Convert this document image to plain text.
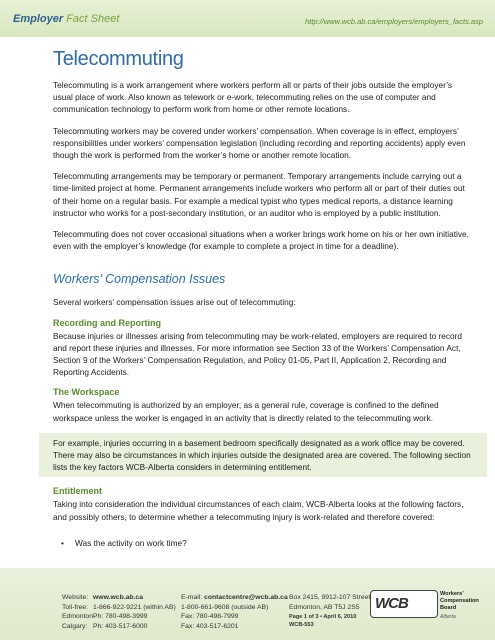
Employer Fact Sheet	http://www.wcb.ab.ca/employers/employers_facts.asp
Telecommuting

Telecommuting is a work arrangement where workers perform all or parts of their jobs outside the employer’s usual place of work. Also known as telework or e-work, telecommuting relies on the use of computer and communication technology to perform work from home or other remote locations.

Telecommuting workers may be covered under workers’ compensation. When coverage is in effect, employers’ responsibilities under workers’ compensation legislation (including recording and reporting accidents) apply even though the work is performed from the worker’s home or another remote location.

Telecommuting arrangements may be temporary or permanent. Temporary arrangements include carrying out a time-limited project at home. Permanent arrangements include workers who perform all or part of their duties out of their home on a regular basis. For example a medical typist who types medical reports, a distance learning instructor who works for a post-secondary institution, or an auditor who is employed by a public institution.

Telecommuting does not cover occasional situations when a worker brings work home on his or her own initiative, even with the employer’s knowledge (for example to complete a project in time for a deadline).

Workers’ Compensation Issues

Several workers’ compensation issues arise out of telecommuting:

Recording and Reporting

Because injuries or illnesses arising from telecommuting may be work-related, employers are required to record and report these injuries and illnesses. For more information see Section 33 of the Workers’ Compensation Act, Section 9 of the Workers’ Compensation Regulation, and Policy 01-05, Part II, Application 2, Recording and Reporting Accidents.

The Workspace

When telecommuting is authorized by an employer, as a general rule, coverage is confined to the defined workspace unless the worker is engaged in an activity that is directly related to the telecommuting work.

For example, injuries occurring in a basement bedroom specifically designated as a work office may be covered. There may also be circumstances in which injuries outside the designated area are covered. The following section lists the key factors WCB-Alberta considers in determining entitlement.

Entitlement

Taking into consideration the individual circumstances of each claim, WCB-Alberta looks at the following factors, and possibly others, to determine whether a telecommuting injury is work-related and therefore covered:

• Was the activity on work time?
Website:
Toll-free:
Edmonton
Calgary:
www.wcb.ab.ca
1-866-922-9221 (within AB)
Ph: 780-498-3999
Ph: 403-517-6000
E-mail: contactcentre@wcb.ab.ca
1-800-661-9608 (outside AB)
Fax: 780-498-7999
Fax: 403-517-6201
Box 2415, 9912-107 Street
Edmonton, AB T5J 2S5
Page 1 of 3 • April 6, 2010
WCB-553
WCB
Workers’
Compensation
Board
Alberta
